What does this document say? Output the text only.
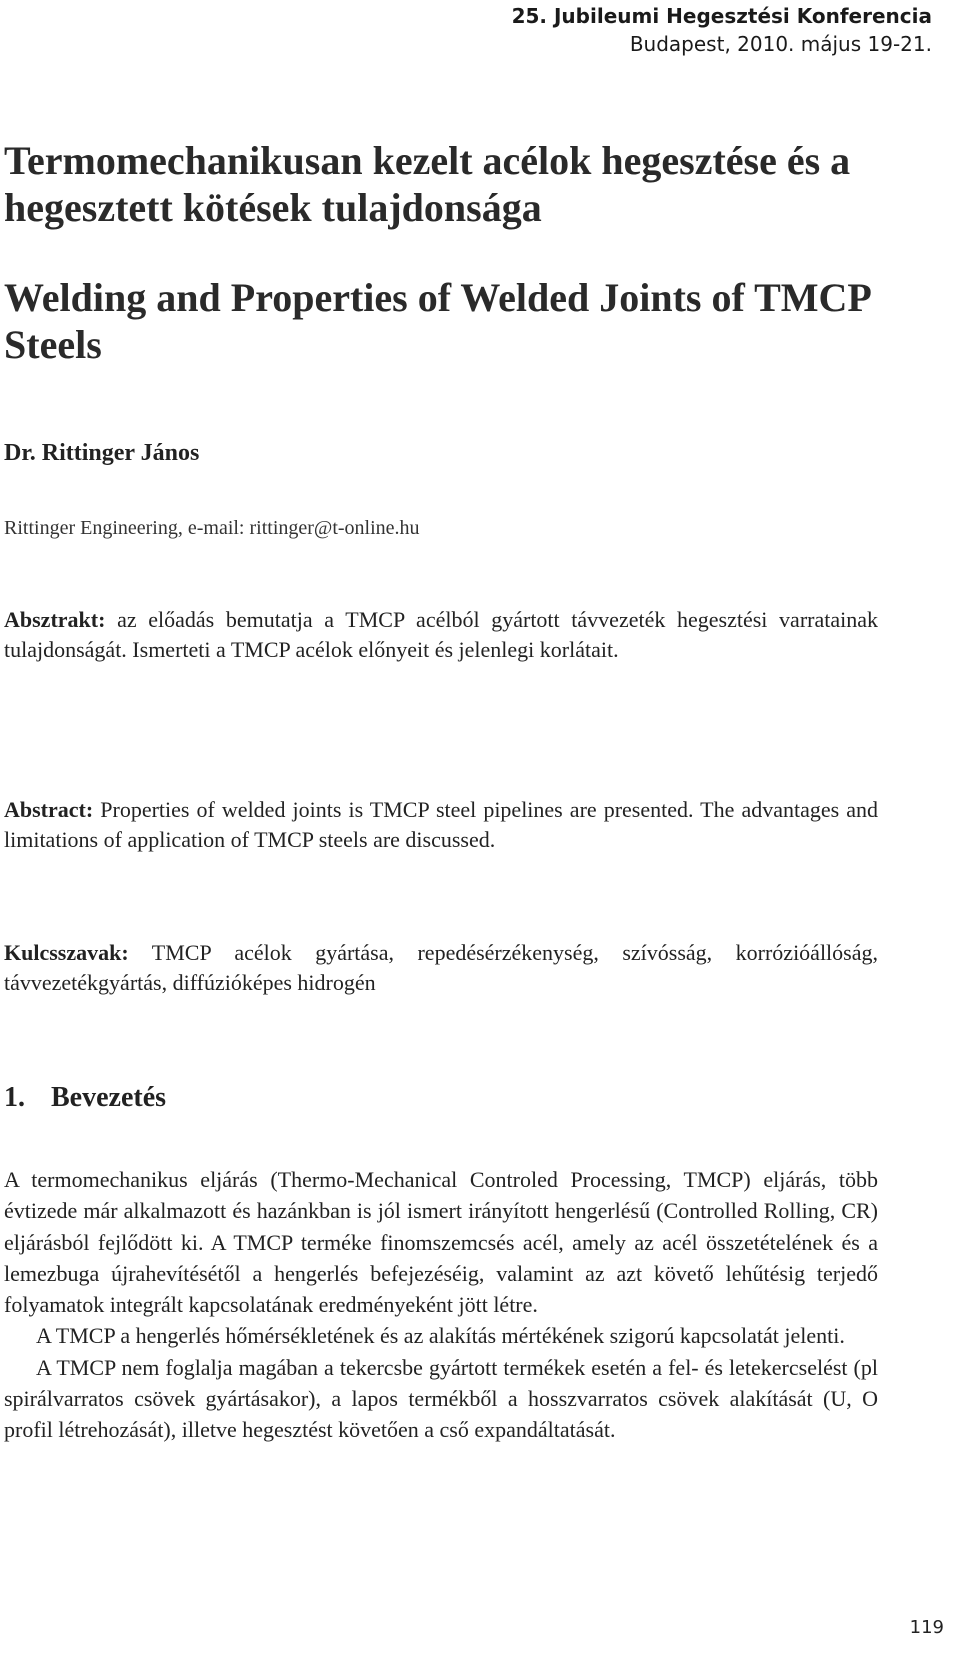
25. Jubileumi Hegesztési Konferencia
Budapest, 2010. május 19-21.
Termomechanikusan kezelt acélok hegesztése és a hegesztett kötések tulajdonsága
Welding and Properties of Welded Joints of TMCP Steels
Dr. Rittinger János
Rittinger Engineering, e-mail: rittinger@t-online.hu
Absztrakt: az előadás bemutatja a TMCP acélból gyártott távvezeték hegesztési varratainak tulajdonságát. Ismerteti a TMCP acélok előnyeit és jelenlegi korlátait.
Abstract: Properties of welded joints is TMCP steel pipelines are presented. The advantages and limitations of application of TMCP steels are discussed.
Kulcsszavak: TMCP acélok gyártása, repedésérzékenység, szívósság, korrózióállóság, távvezetékgyártás, diffúzióképes hidrogén
1. Bevezetés

A termomechanikus eljárás (Thermo-Mechanical Controled Processing, TMCP) eljárás, több évtizede már alkalmazott és hazánkban is jól ismert irányított hengerlésű (Controlled Rolling, CR) eljárásból fejlődött ki. A TMCP terméke finomszemcsés acél, amely az acél összetételének és a lemezbuga újrahevítésétől a hengerlés befejezéséig, valamint az azt követő lehűtésig terjedő folyamatok integrált kapcsolatának eredményeként jött létre.

A TMCP a hengerlés hőmérsékletének és az alakítás mértékének szigorú kapcsolatát jelenti.

A TMCP nem foglalja magában a tekercsbe gyártott termékek esetén a fel- és letekercselést (pl spirálvarratos csövek gyártásakor), a lapos termékből a hosszvarratos csövek alakítását (U, O profil létrehozását), illetve hegesztést követően a cső expandáltatását.

119
